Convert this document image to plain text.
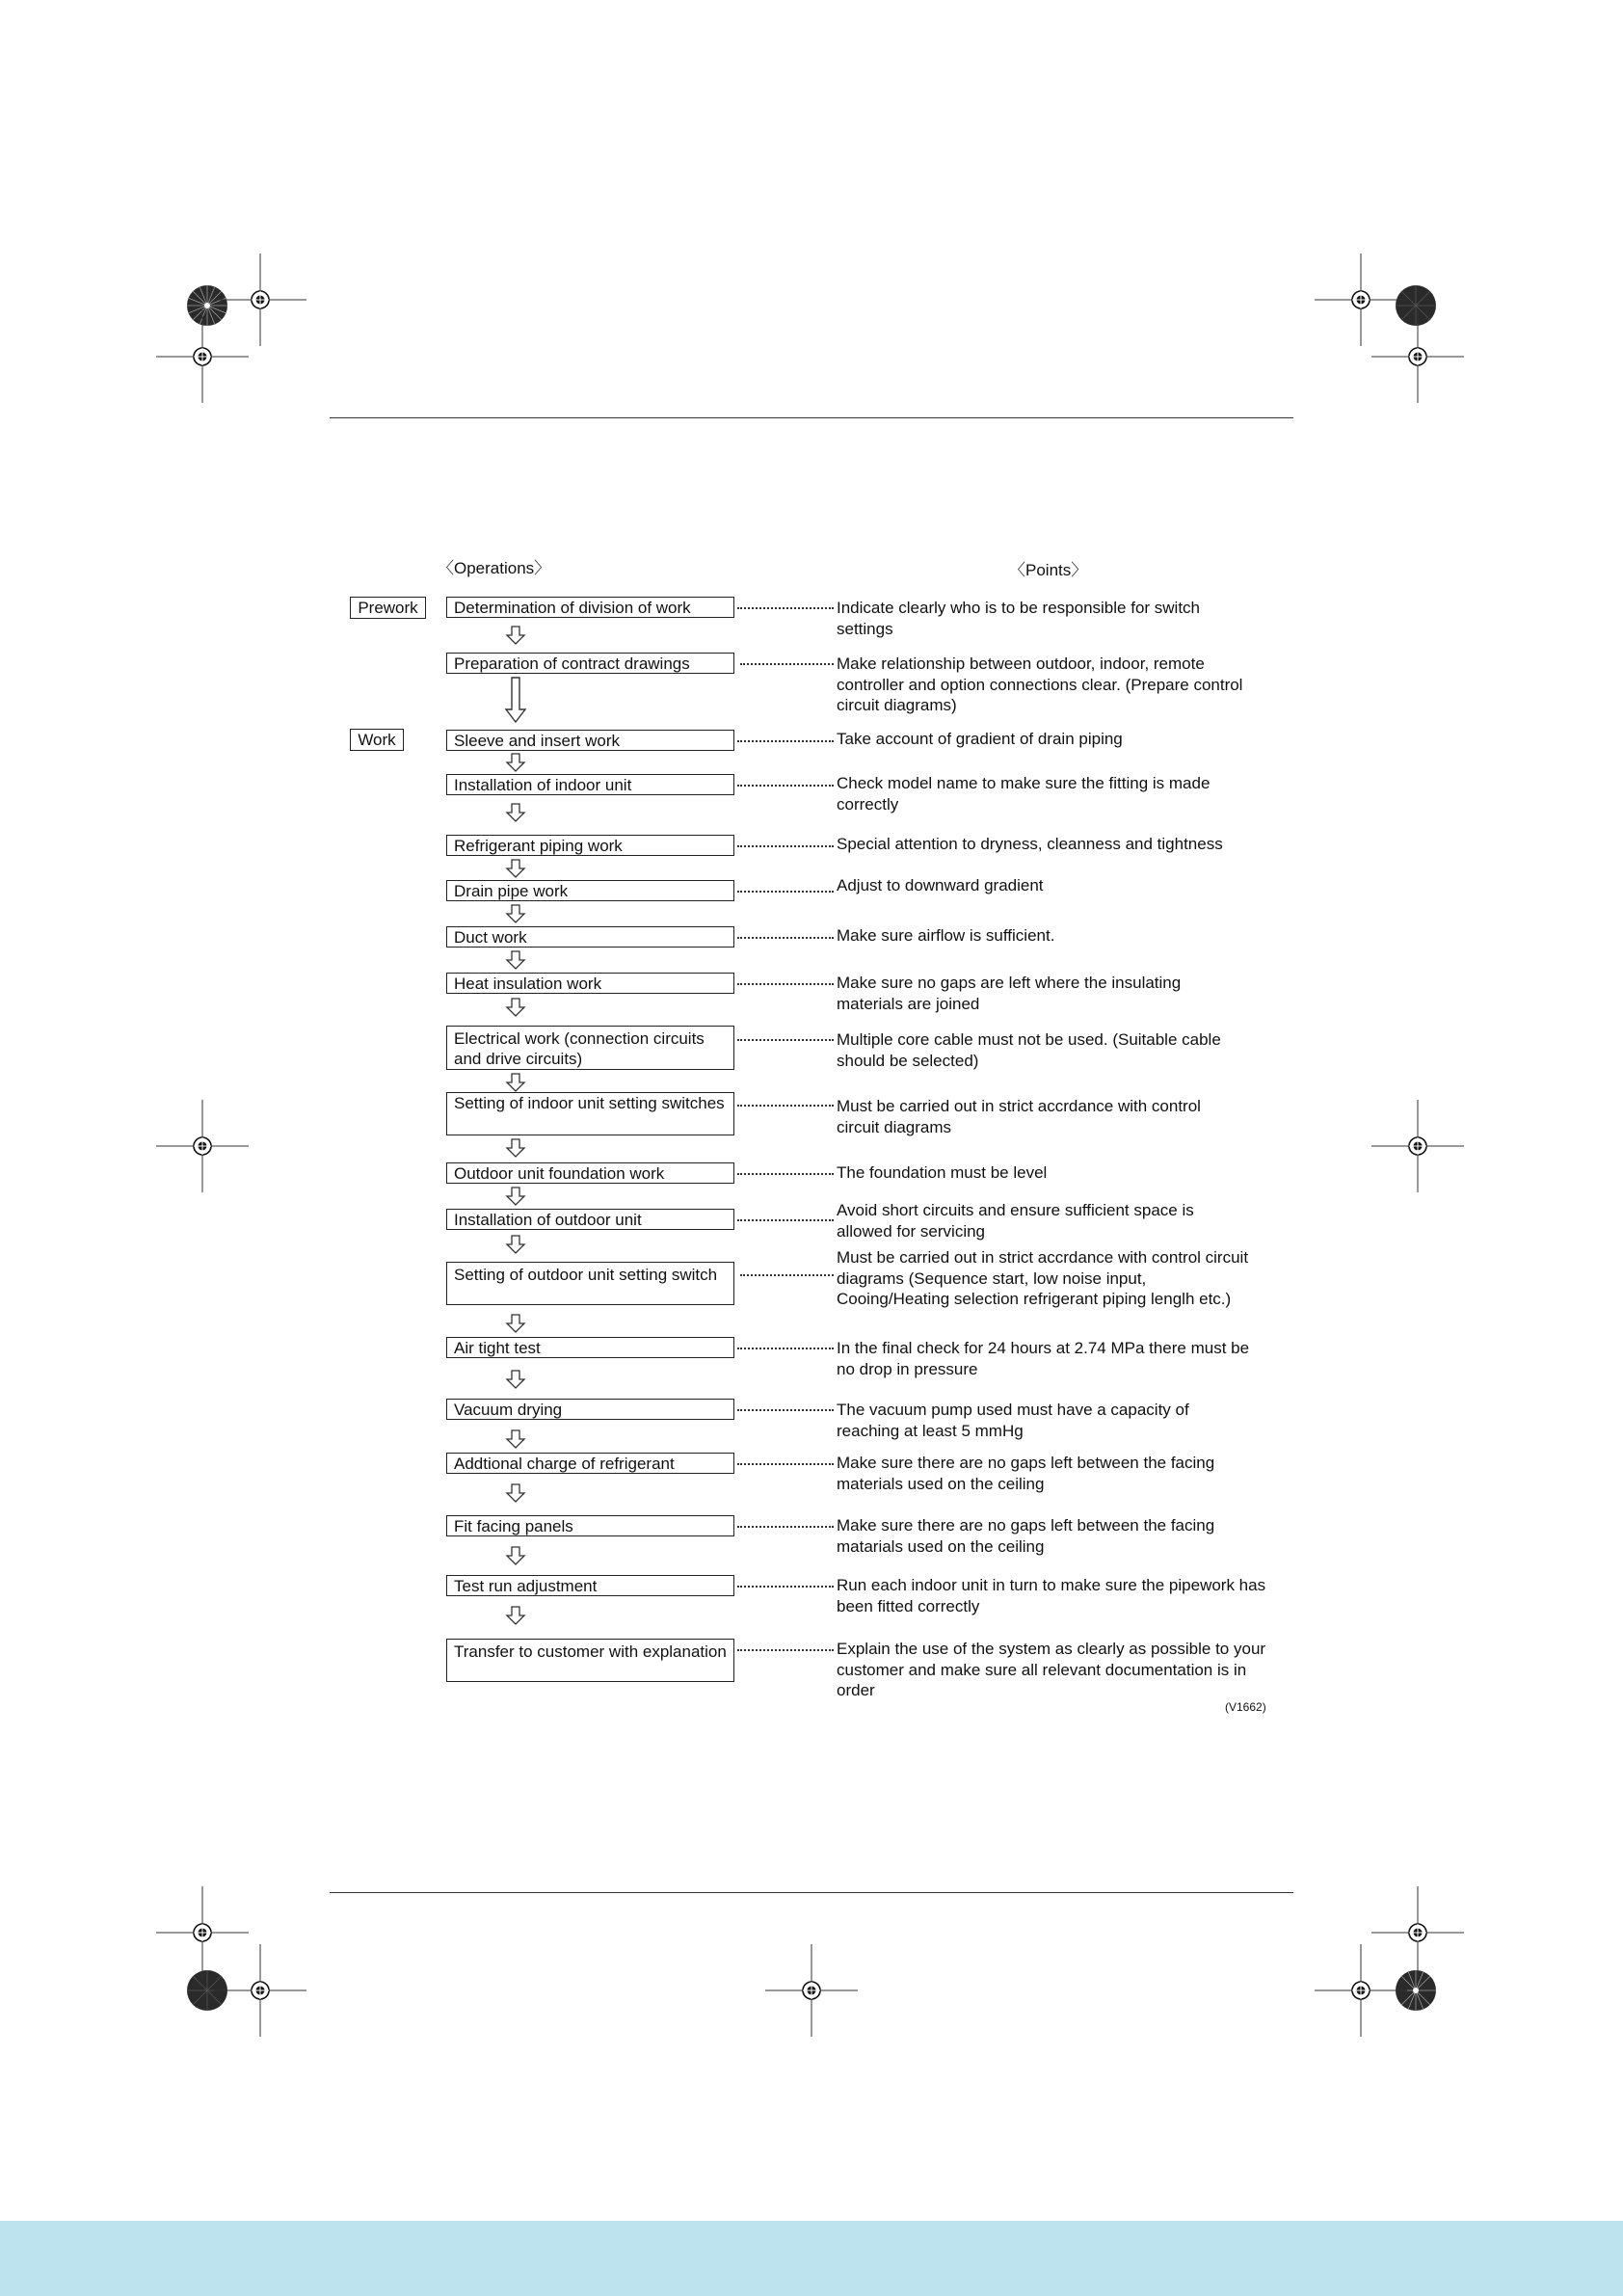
〈Operations〉	〈Points〉
Prework
Work
Determination of division of work
Preparation of contract drawings
Sleeve and insert work
Installation of indoor unit
Refrigerant piping work
Drain pipe work
Duct work
Heat insulation work
Electrical work (connection circuits and drive circuits)
Setting of indoor unit setting switches
Outdoor unit foundation work
Installation of outdoor unit
Setting of outdoor unit setting switch
Air tight test
Vacuum drying
Addtional charge of refrigerant
Fit facing panels
Test run adjustment
Transfer to customer with explanation
Indicate clearly who is to be responsible for switch settings
Make relationship between outdoor, indoor, remote controller and option connections clear. (Prepare control circuit diagrams)
Take account of gradient of drain piping
Check model name to make sure the fitting is made correctly
Special attention to dryness, cleanness and tightness
Adjust to downward gradient
Make sure airflow is sufficient.
Make sure no gaps are left where the insulating materials are joined
Multiple core cable must not be used. (Suitable cable should be selected)
Must be carried out in strict accrdance with control circuit diagrams
The foundation must be level
Avoid short circuits and ensure sufficient space is allowed for servicing
Must be carried out in strict accrdance with control circuit diagrams (Sequence start, low noise input, Cooing/Heating selection refrigerant piping lenglh etc.)
In the final check for 24 hours at 2.74 MPa there must be no drop in pressure
The vacuum pump used must have a capacity of reaching at least 5 mmHg
Make sure there are no gaps left between the facing materials used on the ceiling
Make sure there are no gaps left between the facing matarials used on the ceiling
Run each indoor unit in turn to make sure the pipework has been fitted correctly
Explain the use of the system as clearly as possible to your customer and make sure all relevant documentation is in order
(V1662)
